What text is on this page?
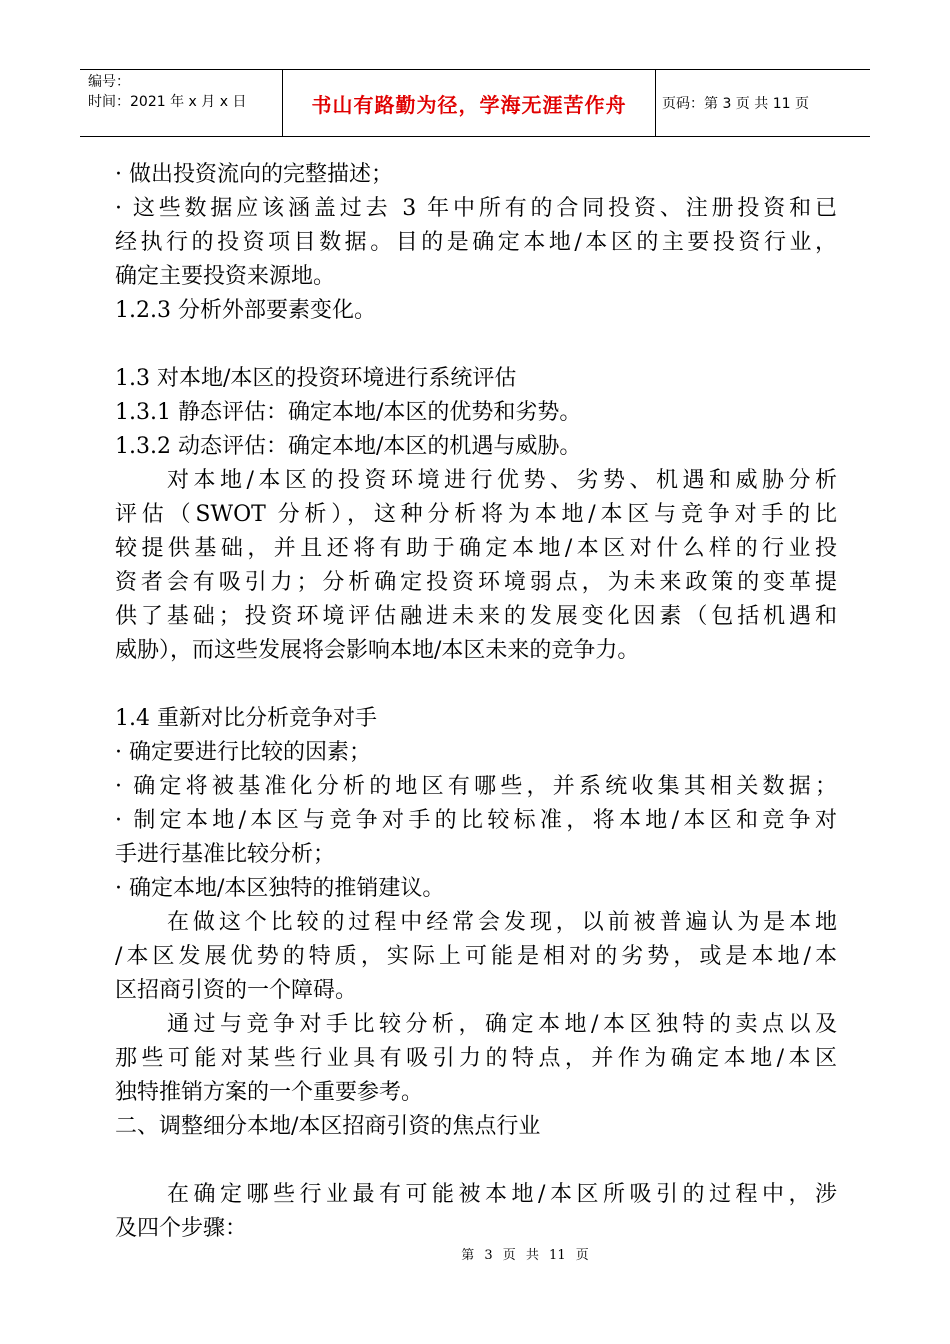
编号：
时间：2021 年 x 月 x 日	书山有路勤为径，学海无涯苦作舟	页码：第 3 页 共 11 页
· 做出投资流向的完整描述；
· 这些数据应该涵盖过去 3 年中所有的合同投资、注册投资和已
经执行的投资项目数据。目的是确定本地/本区的主要投资行业，
确定主要投资来源地。
1.2.3 分析外部要素变化。
1.3 对本地/本区的投资环境进行系统评估
1.3.1 静态评估：确定本地/本区的优势和劣势。
1.3.2 动态评估：确定本地/本区的机遇与威胁。
对本地/本区的投资环境进行优势、劣势、机遇和威胁分析
评估（SWOT 分析），这种分析将为本地/本区与竞争对手的比
较提供基础，并且还将有助于确定本地/本区对什么样的行业投
资者会有吸引力；分析确定投资环境弱点，为未来政策的变革提
供了基础；投资环境评估融进未来的发展变化因素（包括机遇和
威胁），而这些发展将会影响本地/本区未来的竞争力。
1.4 重新对比分析竞争对手
· 确定要进行比较的因素；
· 确定将被基准化分析的地区有哪些，并系统收集其相关数据；
· 制定本地/本区与竞争对手的比较标准，将本地/本区和竞争对
手进行基准比较分析；
· 确定本地/本区独特的推销建议。
在做这个比较的过程中经常会发现，以前被普遍认为是本地
/本区发展优势的特质，实际上可能是相对的劣势，或是本地/本
区招商引资的一个障碍。
通过与竞争对手比较分析，确定本地/本区独特的卖点以及
那些可能对某些行业具有吸引力的特点，并作为确定本地/本区
独特推销方案的一个重要参考。
二、调整细分本地/本区招商引资的焦点行业
在确定哪些行业最有可能被本地/本区所吸引的过程中，涉
及四个步骤：
第 3 页 共 11 页
